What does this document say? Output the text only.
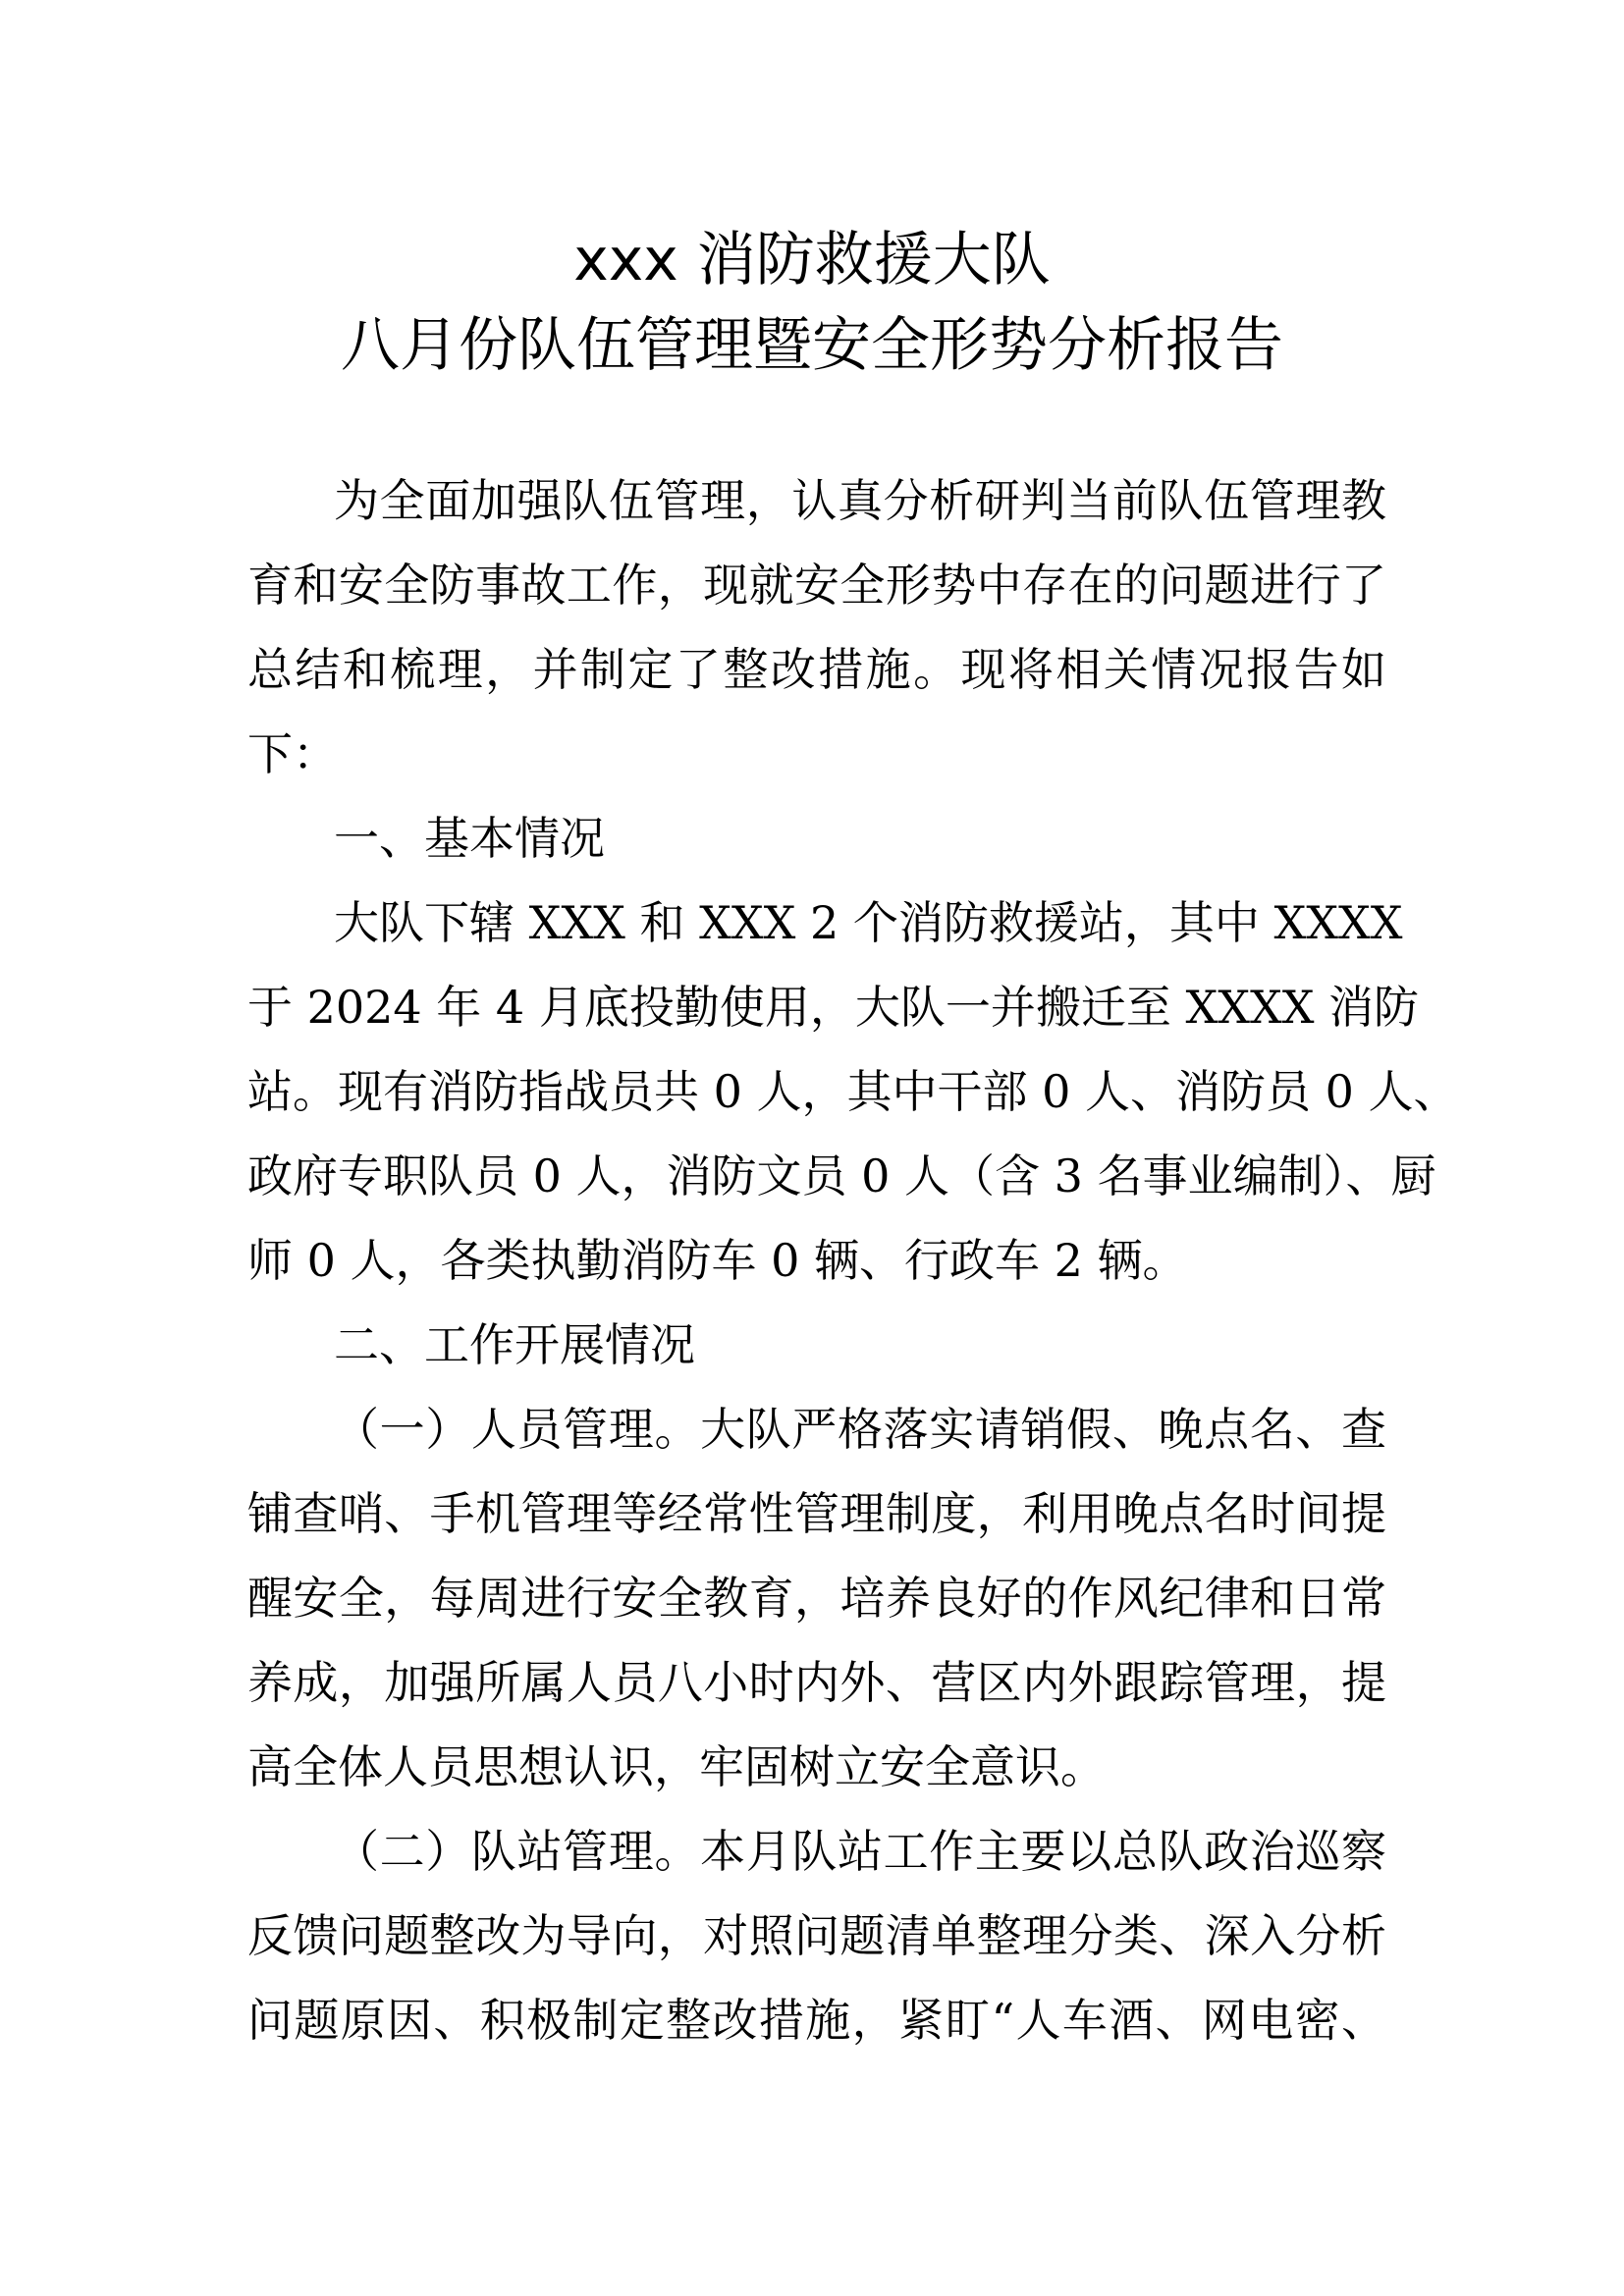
xxx 消防救援大队
八月份队伍管理暨安全形势分析报告
为全面加强队伍管理，认真分析研判当前队伍管理教
育和安全防事故工作，现就安全形势中存在的问题进行了
总结和梳理，并制定了整改措施。现将相关情况报告如
下：
一、基本情况
大队下辖 XXX 和 XXX 2 个消防救援站，其中 XXXX
于 2024 年 4 月底投勤使用，大队一并搬迁至 XXXX 消防
站。现有消防指战员共 0 人，其中干部 0 人、消防员 0 人、
政府专职队员 0 人，消防文员 0 人（含 3 名事业编制）、厨
师 0 人，各类执勤消防车 0 辆、行政车 2 辆。
二、工作开展情况
（一）人员管理。大队严格落实请销假、晚点名、查
铺查哨、手机管理等经常性管理制度，利用晚点名时间提
醒安全，每周进行安全教育，培养良好的作风纪律和日常
养成，加强所属人员八小时内外、营区内外跟踪管理，提
高全体人员思想认识，牢固树立安全意识。
（二）队站管理。本月队站工作主要以总队政治巡察
反馈问题整改为导向，对照问题清单整理分类、深入分析
问题原因、积极制定整改措施，紧盯“人车酒、网电密、
